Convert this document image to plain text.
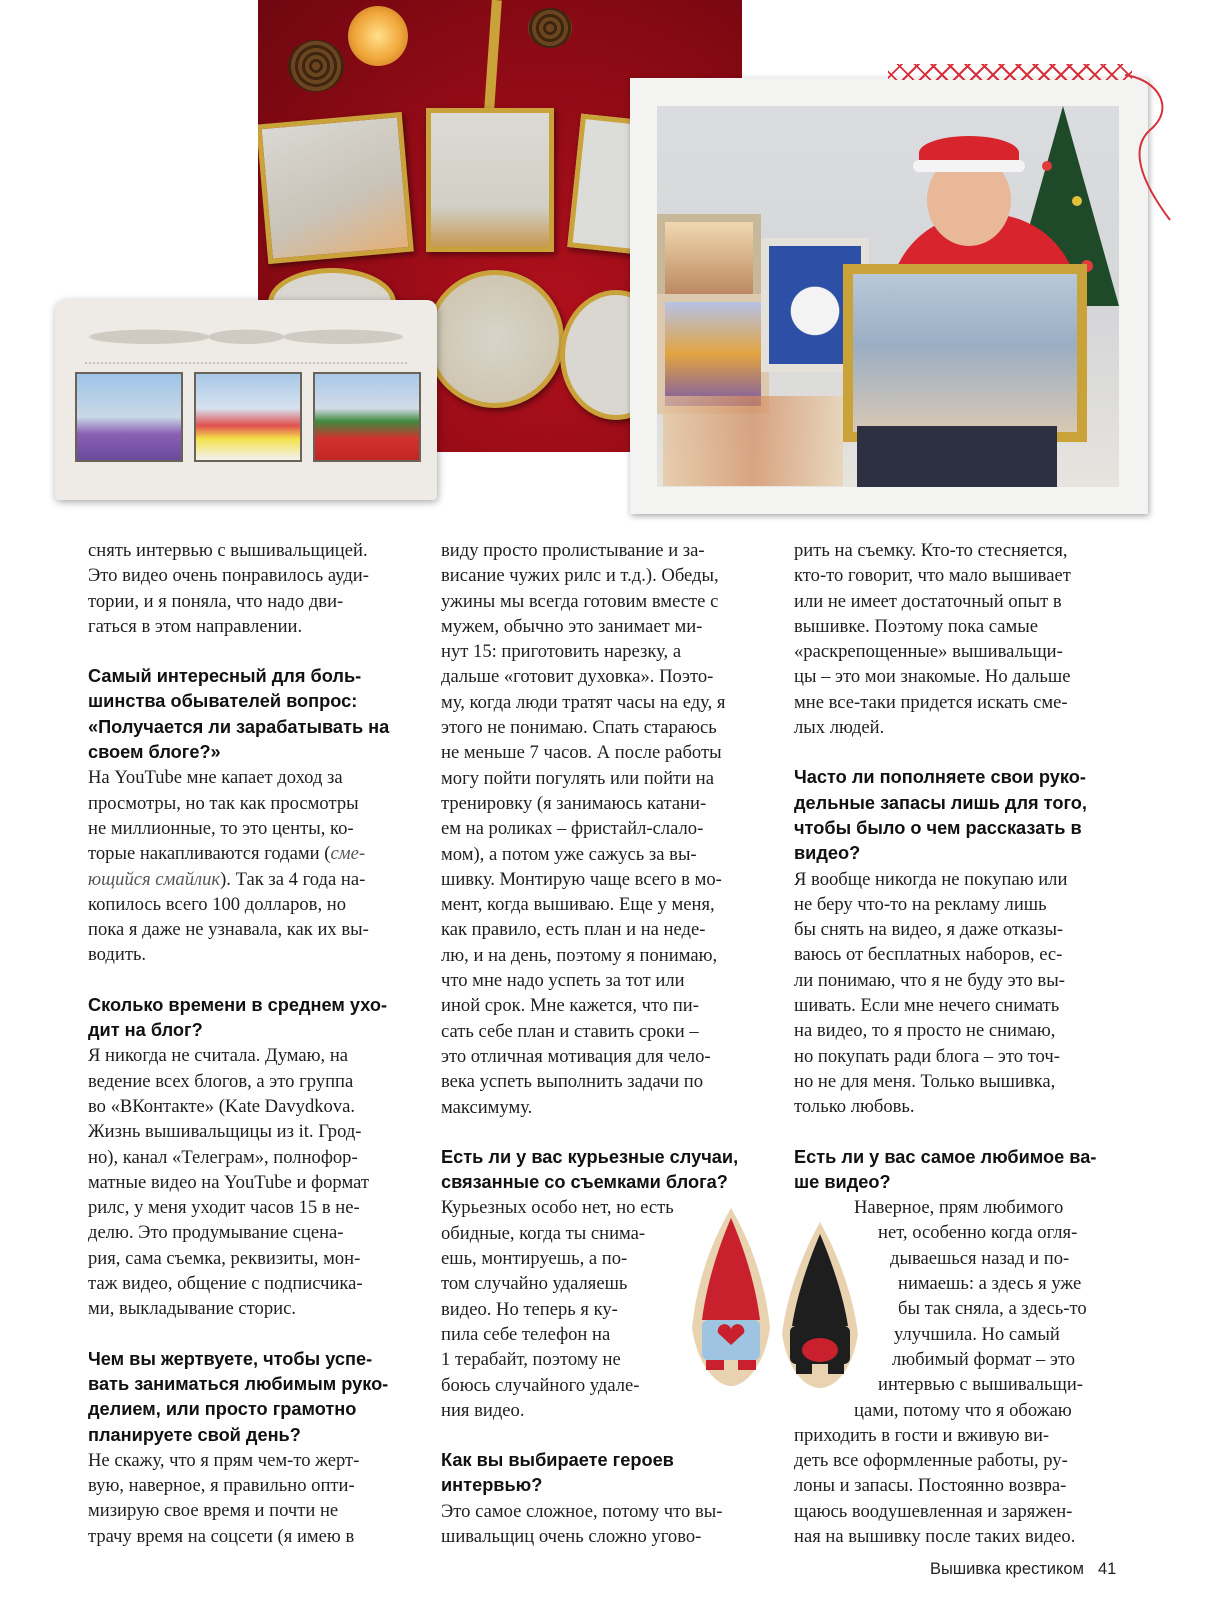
снять интервью с вышивальщицей.
Это видео очень понравилось ауди-
тории, и я поняла, что надо дви-
гаться в этом направлении.

Самый интересный для боль-
шинства обывателей вопрос:
«Получается ли зарабатывать на
своем блоге?»

На YouTube мне капает доход за
просмотры, но так как просмотры
не миллионные, то это центы, ко-
торые накапливаются годами (сме-
ющийся смайлик). Так за 4 года на-
копилось всего 100 долларов, но
пока я даже не узнавала, как их вы-
водить.

Сколько времени в среднем ухо-
дит на блог?

Я никогда не считала. Думаю, на
ведение всех блогов, а это группа
во «ВКонтакте» (Kate Davydkova.
Жизнь вышивальщицы из it. Грод-
но), канал «Телеграм», полнофор-
матные видео на YouTube и формат
рилс, у меня уходит часов 15 в не-
делю. Это продумывание сцена-
рия, сама съемка, реквизиты, мон-
таж видео, общение с подписчика-
ми, выкладывание сторис.

Чем вы жертвуете, чтобы успе-
вать заниматься любимым руко-
делием, или просто грамотно
планируете свой день?

Не скажу, что я прям чем-то жерт-
вую, наверное, я правильно опти-
мизирую свое время и почти не
трачу время на соцсети (я имею в

виду просто пролистывание и за-
висание чужих рилс и т.д.). Обеды,
ужины мы всегда готовим вместе с
мужем, обычно это занимает ми-
нут 15: приготовить нарезку, а
дальше «готовит духовка». Поэто-
му, когда люди тратят часы на еду, я
этого не понимаю. Спать стараюсь
не меньше 7 часов. А после работы
могу пойти погулять или пойти на
тренировку (я занимаюсь катани-
ем на роликах – фристайл-слало-
мом), а потом уже сажусь за вы-
шивку. Монтирую чаще всего в мо-
мент, когда вышиваю. Еще у меня,
как правило, есть план и на неде-
лю, и на день, поэтому я понимаю,
что мне надо успеть за тот или
иной срок. Мне кажется, что пи-
сать себе план и ставить сроки –
это отличная мотивация для чело-
века успеть выполнить задачи по
максимуму.

Есть ли у вас курьезные случаи,
связанные со съемками блога?

Курьезных особо нет, но есть
обидные, когда ты снима-
ешь, монтируешь, а по-
том случайно удаляешь
видео. Но теперь я ку-
пила себе телефон на
1 терабайт, поэтому не
боюсь случайного удале-
ния видео.

Как вы выбираете героев
интервью?

Это самое сложное, потому что вы-
шивальщиц очень сложно угово-

рить на съемку. Кто-то стесняется,
кто-то говорит, что мало вышивает
или не имеет достаточный опыт в
вышивке. Поэтому пока самые
«раскрепощенные» вышивальщи-
цы – это мои знакомые. Но дальше
мне все-таки придется искать сме-
лых людей.

Часто ли пополняете свои руко-
дельные запасы лишь для того,
чтобы было о чем рассказать в
видео?

Я вообще никогда не покупаю или
не беру что-то на рекламу лишь
бы снять на видео, я даже отказы-
ваюсь от бесплатных наборов, ес-
ли понимаю, что я не буду это вы-
шивать. Если мне нечего снимать
на видео, то я просто не снимаю,
но покупать ради блога – это точ-
но не для меня. Только вышивка,
только любовь.

Есть ли у вас самое любимое ва-
ше видео?

Наверное, прям любимого
нет, особенно когда огля-
дываешься назад и по-
нимаешь: а здесь я уже
бы так сняла, а здесь-то
улучшила. Но самый
любимый формат – это
интервью с вышивальщи-
цами, потому что я обожаю
приходить в гости и вживую ви-
деть все оформленные работы, ру-
лоны и запасы. Постоянно возвра-
щаюсь воодушевленная и заряжен-
ная на вышивку после таких видео.

Вышивка крестиком 41
